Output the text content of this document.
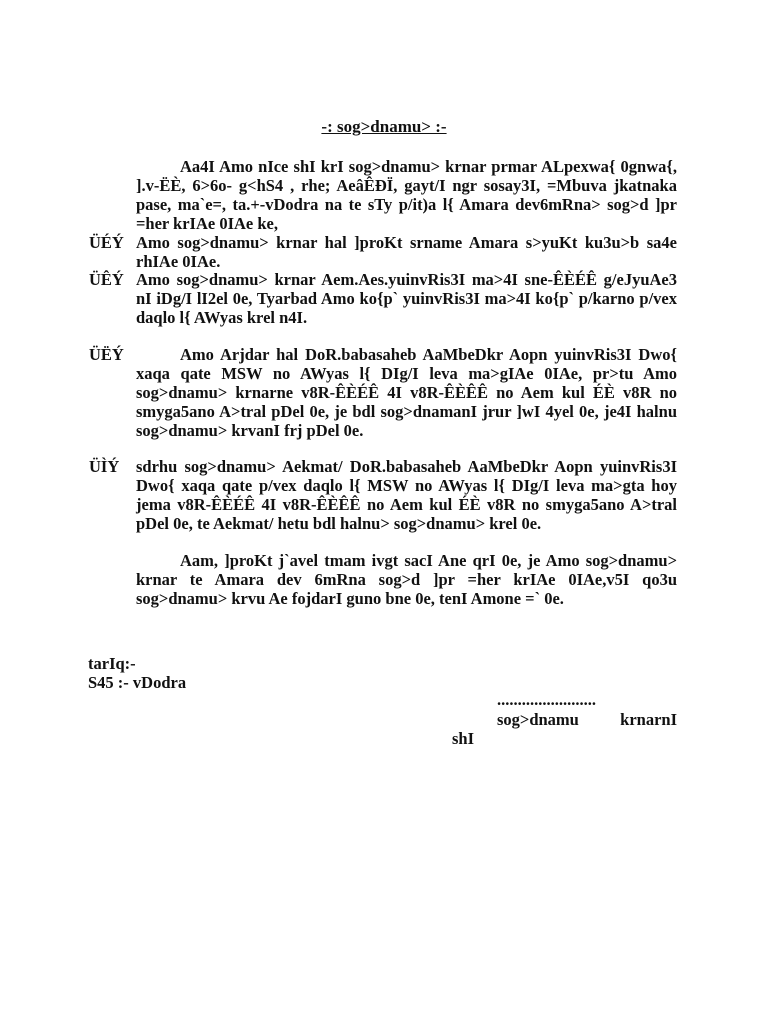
-: sog>dnamu> :-
Aa4I Amo nIce shI krI sog>dnamu> krnar prmar ALpexwa{ 0gnwa{, ].v-ËÈ, 6>6o- g<hS4 , rhe; AeâÊÐÏ, gayt/I ngr sosay3I, =Mbuva jkatnaka pase, ma`e=, ta.+-vDodra na te sTy p/it)a l{ Amara dev6mRna> sog>d ]pr =her krIAe 0IAe ke,
ÜÉÝ Amo sog>dnamu> krnar hal ]proKt srname Amara s>yuKt ku3u>b sa4e rhIAe 0IAe.
ÜÊÝ Amo sog>dnamu> krnar Aem.Aes.yuinvRis3I ma>4I sne-ÊÈÉÊ g/eJyuAe3 nI iDg/I lI2el 0e, Tyarbad Amo ko{p` yuinvRis3I ma>4I ko{p` p/karno p/vex daqlo l{ AWyas krel n4I.
ÜËÝ	Amo Arjdar hal DoR.babasaheb AaMbeDkr Aopn yuinvRis3I Dwo{ xaqa qate MSW no AWyas l{ DIg/I leva ma>gIAe 0IAe, pr>tu Amo sog>dnamu> krnarne v8R-ÊÈÉÊ 4I v8R-ÊÈÊÊ no Aem kul ÉÈ v8R no smyga5ano A>tral pDel 0e, je bdl sog>dnamanI jrur ]wI 4yel 0e, je4I halnu sog>dnamu> krvanI frj pDel 0e.
ÜÌÝ sdrhu sog>dnamu> Aekmat/ DoR.babasaheb AaMbeDkr Aopn yuinvRis3I Dwo{ xaqa qate p/vex daqlo l{ MSW no AWyas l{ DIg/I leva ma>gta hoy jema v8R-ÊÈÉÊ 4I v8R-ÊÈÊÊ no Aem kul ÉÈ v8R no smyga5ano A>tral pDel 0e, te Aekmat/ hetu bdl halnu> sog>dnamu> krel 0e.
Aam, ]proKt j`avel tmam ivgt sacI Ane qrI 0e, je Amo sog>dnamu> krnar te Amara dev 6mRna sog>d ]pr =her krIAe 0IAe,v5I qo3u sog>dnamu> krvu Ae fojdarI guno bne 0e, tenI Amone =` 0e.
tarIq:-
S45 :- vDodra
........................
sog>dnamu krnarnI
shI
